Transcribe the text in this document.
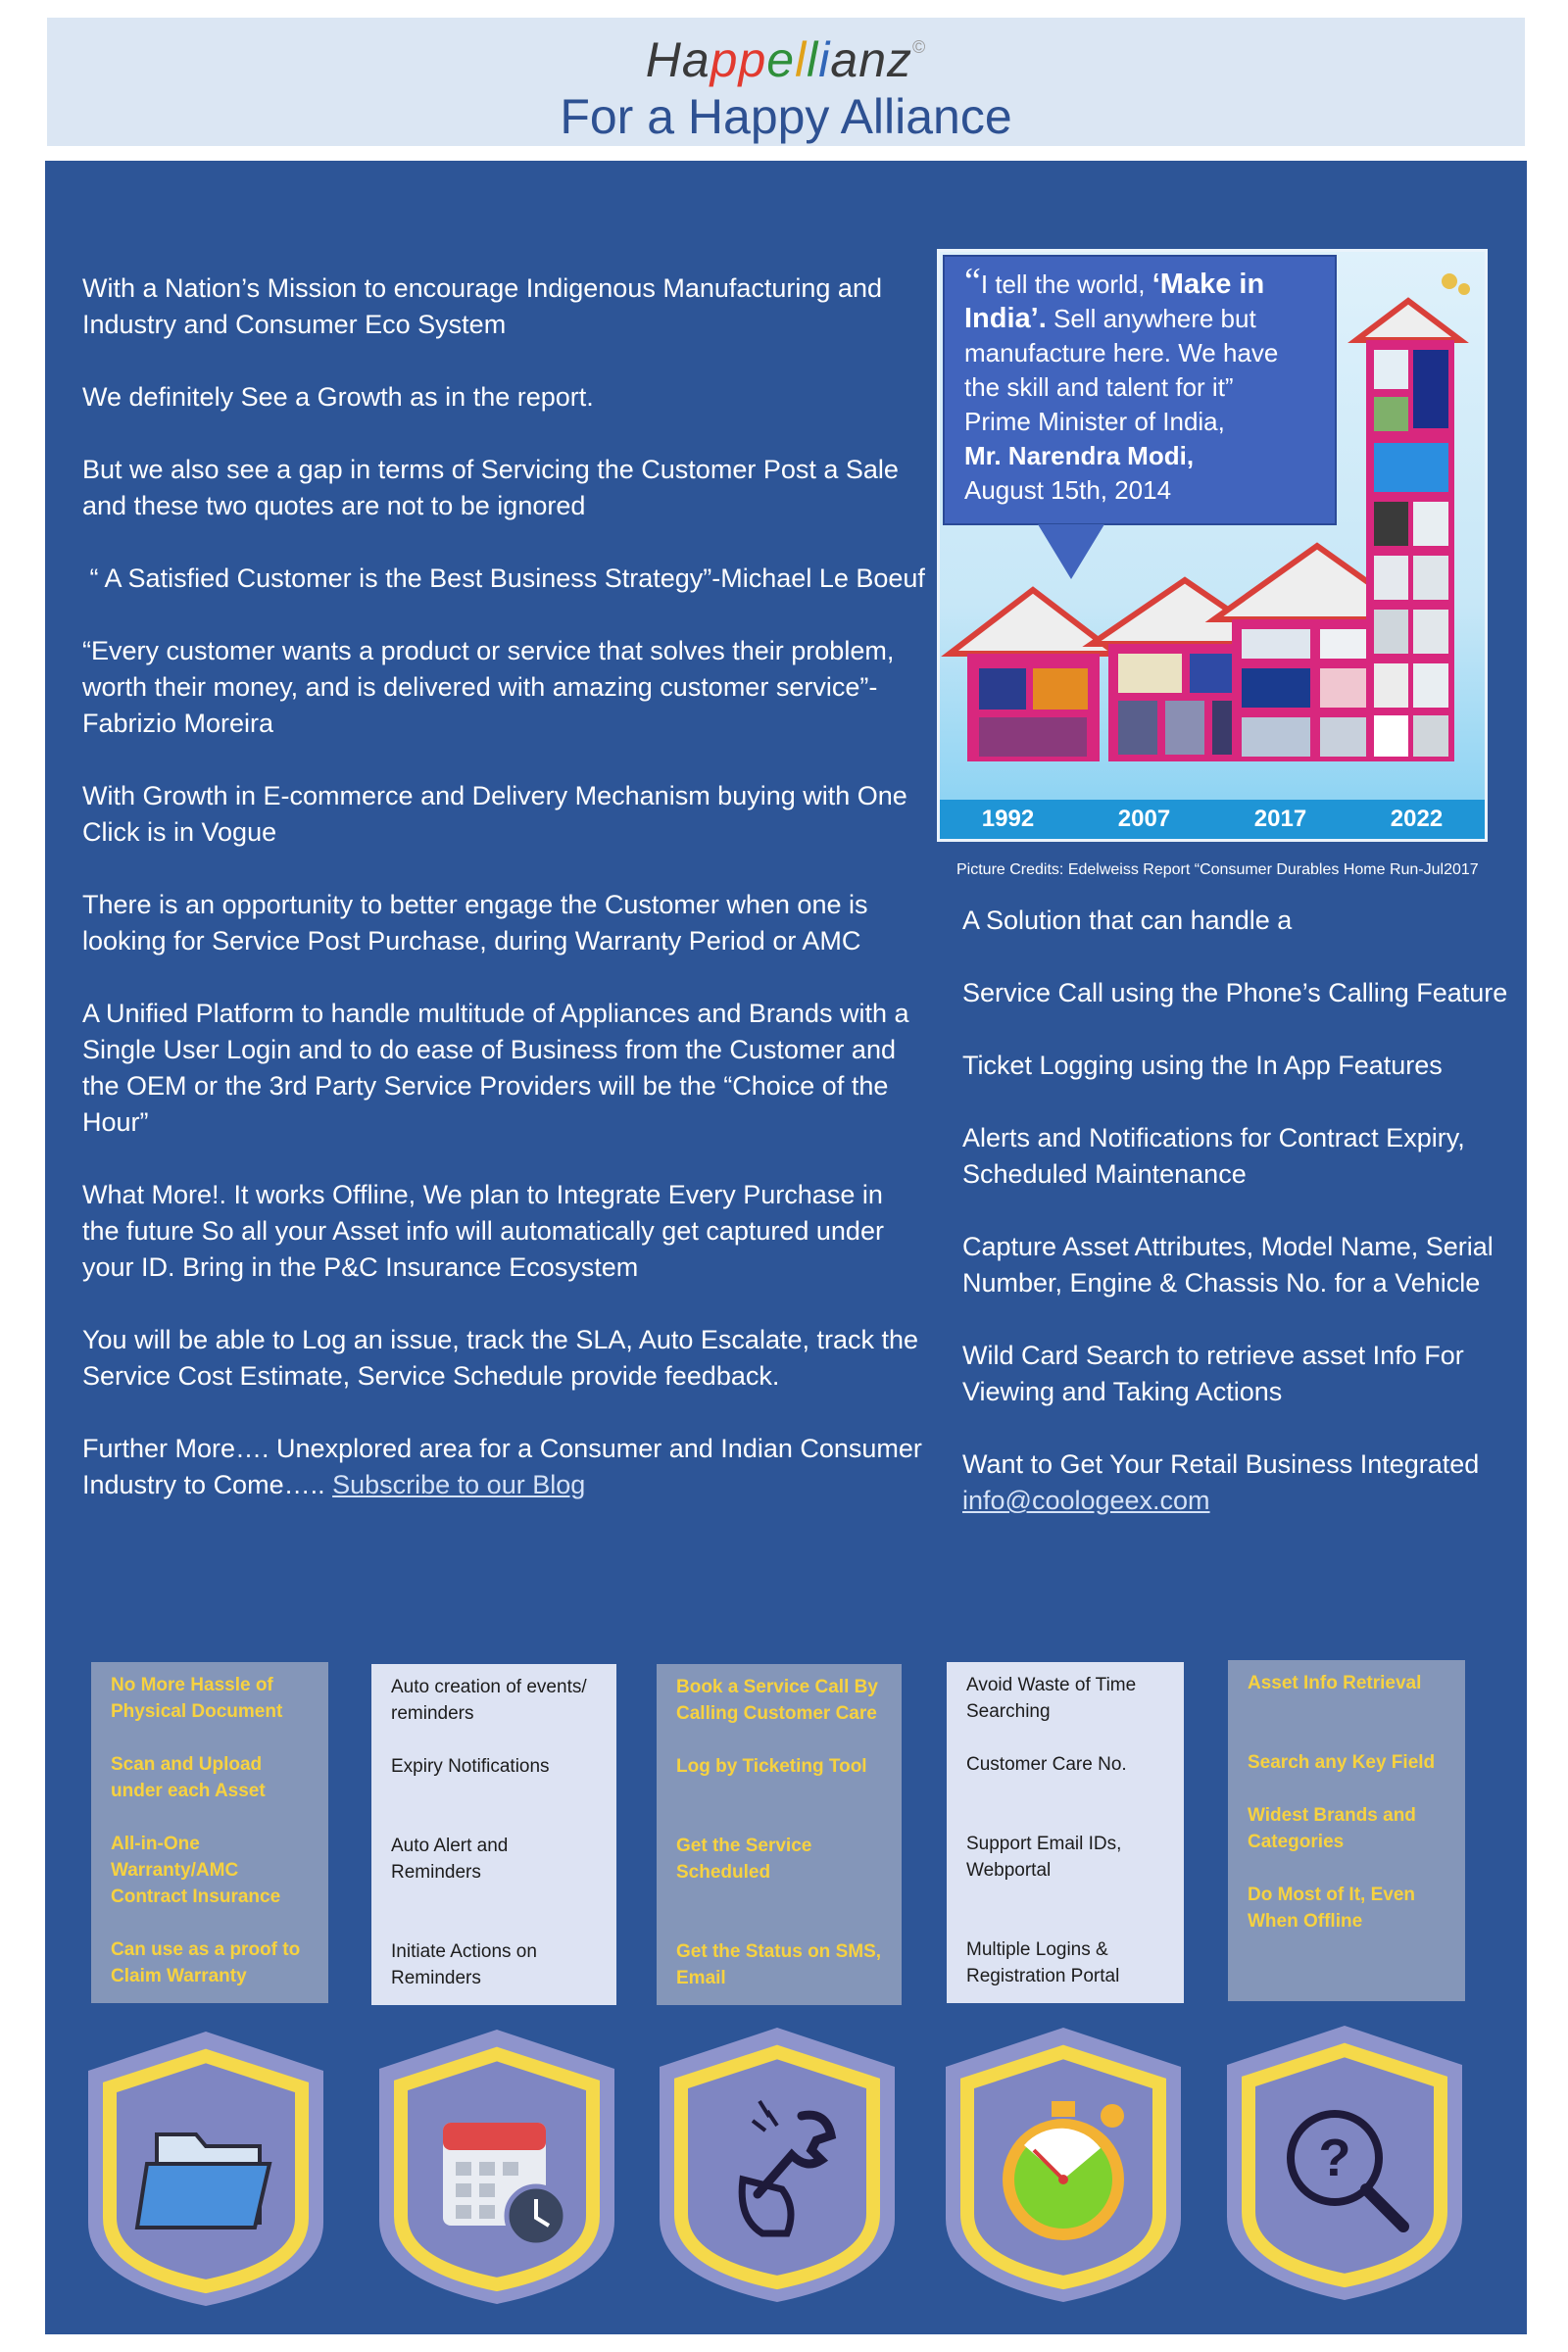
Happellianz©
For a Happy Alliance

With a Nation’s Mission to encourage Indigenous Manufacturing and Industry and Consumer Eco System

We definitely See a Growth as in the report.

But we also see a gap in terms of Servicing the Customer Post a Sale and these two quotes are not to be ignored

“ A Satisfied Customer is the Best Business Strategy”-Michael Le Boeuf

“Every customer wants a product or service that solves their problem, worth their money, and is delivered with amazing customer service”- Fabrizio Moreira

With Growth in E-commerce and Delivery Mechanism buying with One Click is in Vogue

There is an opportunity to better engage the Customer when one is looking for Service Post Purchase, during Warranty Period or AMC

A Unified Platform to handle multitude of Appliances and Brands with a Single User Login and to do ease of Business from the Customer and the OEM or the 3rd Party Service Providers will be the “Choice of the Hour”

What More!. It works Offline, We plan to Integrate Every Purchase in the future So all your Asset info will automatically get captured under your ID. Bring in the P&C Insurance Ecosystem

You will be able to Log an issue, track the SLA, Auto Escalate, track the Service Cost Estimate, Service Schedule provide feedback.

Further More…. Unexplored area for a Consumer and Indian Consumer Industry to Come….. Subscribe to our Blog

“I tell the world, ‘Make in India’. Sell anywhere but manufacture here. We have the skill and talent for it”
Prime Minister of India,
Mr. Narendra Modi,
August 15th, 2014
1992	2007	2017	2022
Picture Credits: Edelweiss Report “Consumer Durables Home Run-Jul2017

A Solution that can handle a

Service Call using the Phone’s Calling Feature

Ticket Logging using the In App Features

Alerts and Notifications for Contract Expiry, Scheduled Maintenance

Capture Asset Attributes, Model Name, Serial Number, Engine & Chassis No. for a Vehicle

Wild Card Search to retrieve asset Info For Viewing and Taking Actions

Want to Get Your Retail Business Integrated info@coologeex.com

No More Hassle of Physical Document

Scan and Upload under each Asset

All-in-One Warranty/AMC Contract Insurance

Can use as a proof to Claim Warranty

Auto creation of events/ reminders

Expiry Notifications

Auto Alert and Reminders

Initiate Actions on Reminders

Book a Service Call By Calling Customer Care

Log by Ticketing Tool

Get the Service Scheduled

Get the Status on SMS, Email

Avoid Waste of Time Searching

Customer Care No.

Support Email IDs, Webportal

Multiple Logins & Registration Portal

Asset Info Retrieval

Search any Key Field

Widest Brands and Categories

Do Most of It, Even When Offline

?
